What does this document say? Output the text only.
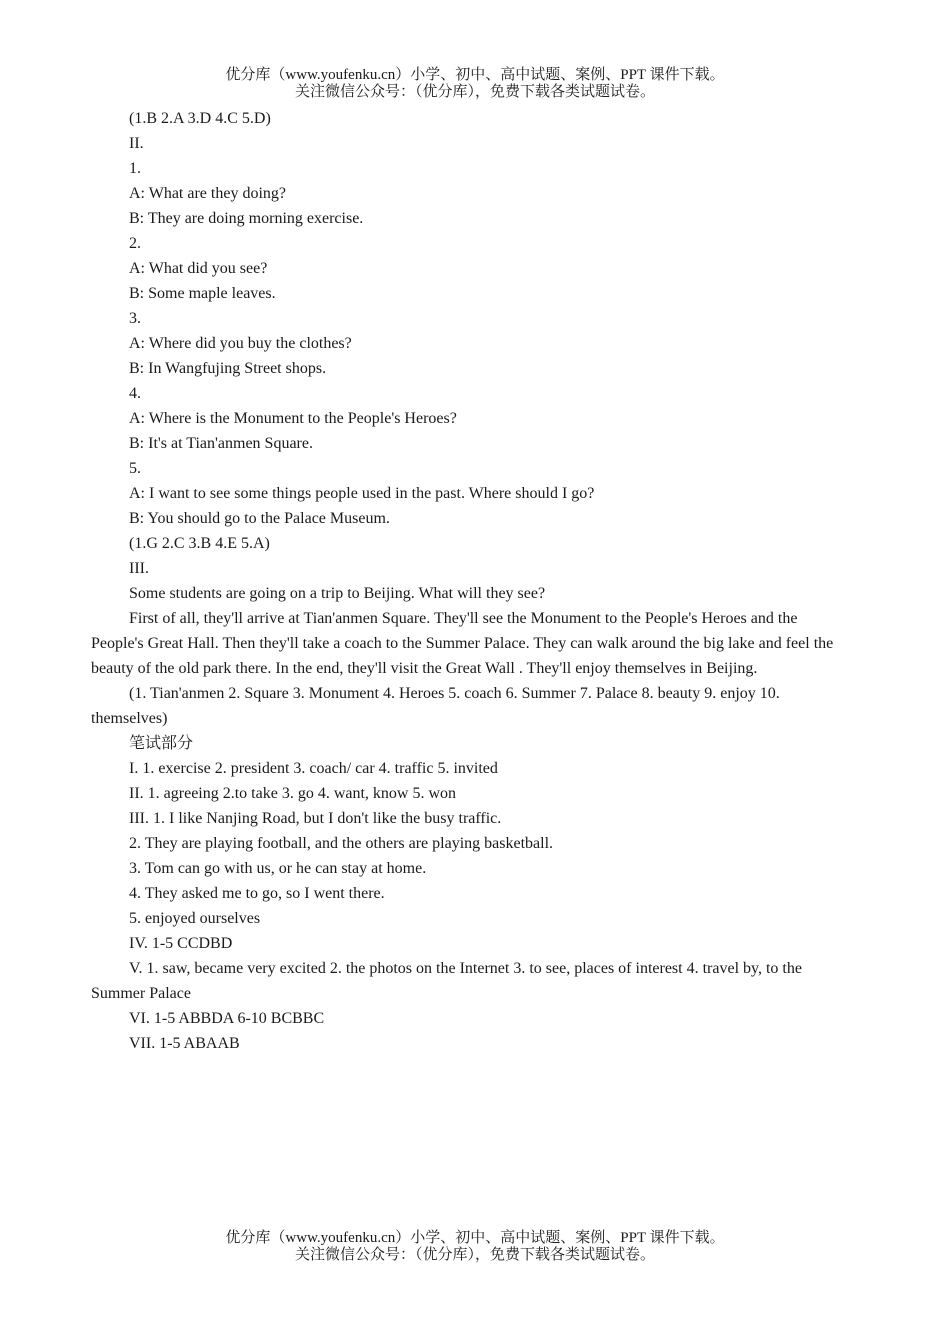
优分库（www.youfenku.cn）小学、初中、高中试题、案例、PPT 课件下载。
关注微信公众号：（优分库），免费下载各类试题试卷。
(1.B 2.A 3.D 4.C 5.D)
II.
1.
A: What are they doing?
B: They are doing morning exercise.
2.
A: What did you see?
B: Some maple leaves.
3.
A: Where did you buy the clothes?
B: In Wangfujing Street shops.
4.
A: Where is the Monument to the People's Heroes?
B: It's at Tian'anmen Square.
5.
A: I want to see some things people used in the past. Where should I go?
B: You should go to the Palace Museum.
(1.G 2.C 3.B 4.E 5.A)
III.
Some students are going on a trip to Beijing. What will they see?
First of all, they'll arrive at Tian'anmen Square. They'll see the Monument to the People's Heroes and the People's Great Hall. Then they'll take a coach to the Summer Palace. They can walk around the big lake and feel the beauty of the old park there. In the end, they'll visit the Great Wall . They'll enjoy themselves in Beijing.
(1. Tian'anmen 2. Square 3. Monument 4. Heroes 5. coach 6. Summer 7. Palace 8. beauty 9. enjoy 10. themselves)
笔试部分
I. 1. exercise 2. president 3. coach/ car 4. traffic 5. invited
II. 1. agreeing 2.to take 3. go 4. want, know 5. won
III. 1. I like Nanjing Road, but I don't like the busy traffic.
2. They are playing football, and the others are playing basketball.
3. Tom can go with us, or he can stay at home.
4. They asked me to go, so I went there.
5. enjoyed ourselves
IV. 1-5 CCDBD
V. 1. saw, became very excited 2. the photos on the Internet 3. to see, places of interest 4. travel by, to the Summer Palace
VI. 1-5 ABBDA 6-10 BCBBC
VII. 1-5 ABAAB
优分库（www.youfenku.cn）小学、初中、高中试题、案例、PPT 课件下载。
关注微信公众号：（优分库），免费下载各类试题试卷。
